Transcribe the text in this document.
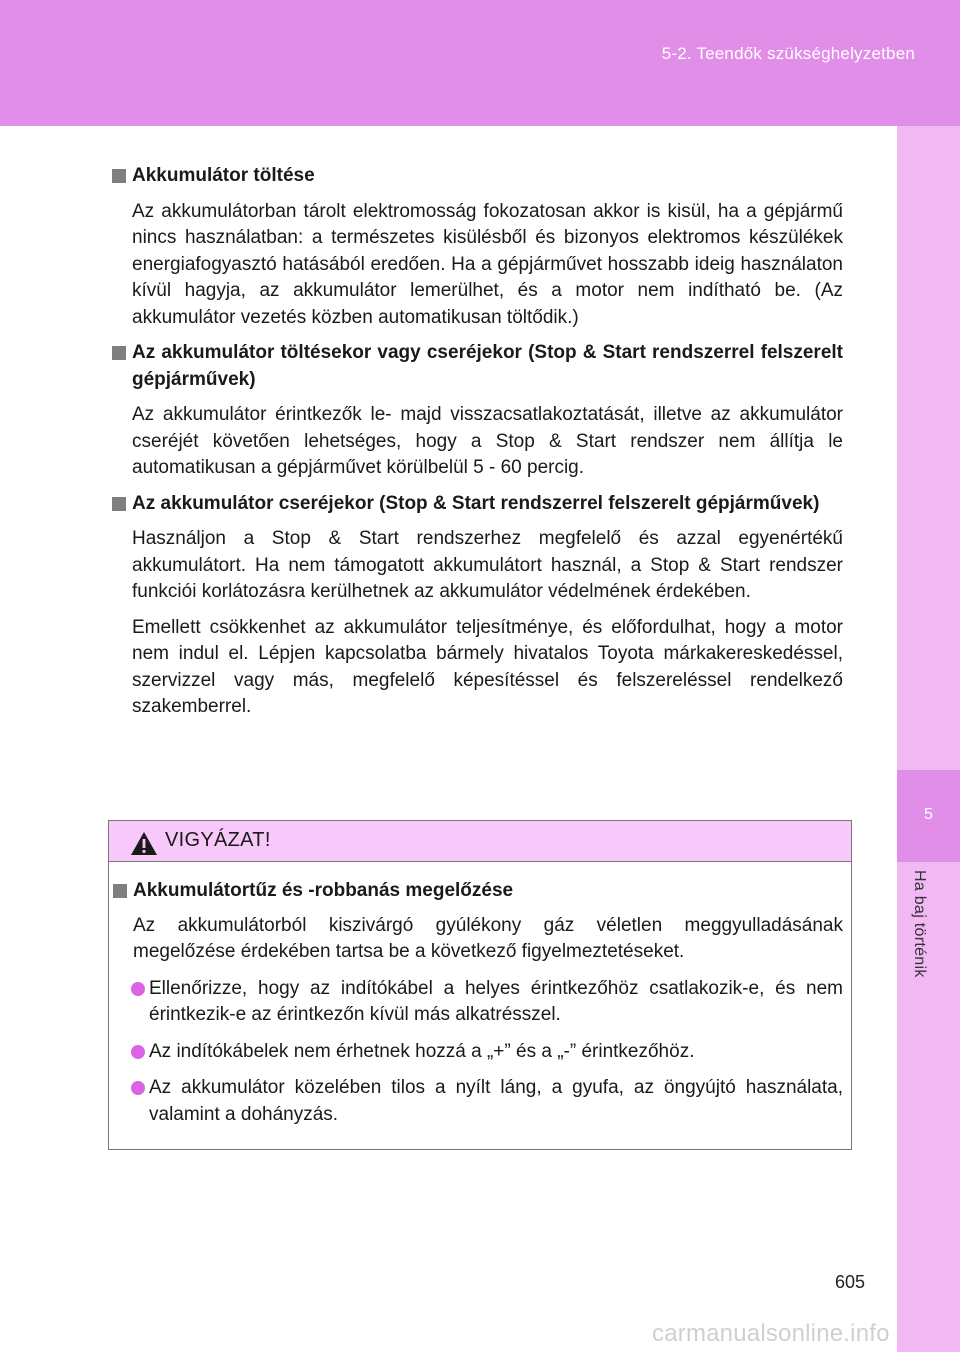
5-2. Teendők szükséghelyzetben
5
Ha baj történik
Akkumulátor töltése

Az akkumulátorban tárolt elektromosság fokozatosan akkor is kisül, ha a gépjármű nincs használatban: a természetes kisülésből és bizonyos elektromos készülékek energiafogyasztó hatásából eredően. Ha a gépjárművet hosszabb ideig használaton kívül hagyja, az akkumulátor lemerülhet, és a motor nem indítható be. (Az akkumulátor vezetés közben automatikusan töltődik.)

Az akkumulátor töltésekor vagy cseréjekor (Stop & Start rendszerrel felszerelt gépjárművek)

Az akkumulátor érintkezők le- majd visszacsatlakoztatását, illetve az akkumulátor cseréjét követően lehetséges, hogy a Stop & Start rendszer nem állítja le automatikusan a gépjárművet körülbelül 5 - 60 percig.

Az akkumulátor cseréjekor (Stop & Start rendszerrel felszerelt gépjárművek)

Használjon a Stop & Start rendszerhez megfelelő és azzal egyenértékű akkumulátort. Ha nem támogatott akkumulátort használ, a Stop & Start rendszer funkciói korlátozásra kerülhetnek az akkumulátor védelmének érdekében.

Emellett csökkenhet az akkumulátor teljesítménye, és előfordulhat, hogy a motor nem indul el. Lépjen kapcsolatba bármely hivatalos Toyota márkakereskedéssel, szervizzel vagy más, megfelelő képesítéssel és felszereléssel rendelkező szakemberrel.

VIGYÁZAT!
Akkumulátortűz és -robbanás megelőzése

Az akkumulátorból kiszivárgó gyúlékony gáz véletlen meggyulladásának megelőzése érdekében tartsa be a következő figyelmeztetéseket.

Ellenőrizze, hogy az indítókábel a helyes érintkezőhöz csatlakozik-e, és nem érintkezik-e az érintkezőn kívül más alkatrésszel.
Az indítókábelek nem érhetnek hozzá a „+” és a „-” érintkezőhöz.
Az akkumulátor közelében tilos a nyílt láng, a gyufa, az öngyújtó használata, valamint a dohányzás.
605
carmanualsonline.info
